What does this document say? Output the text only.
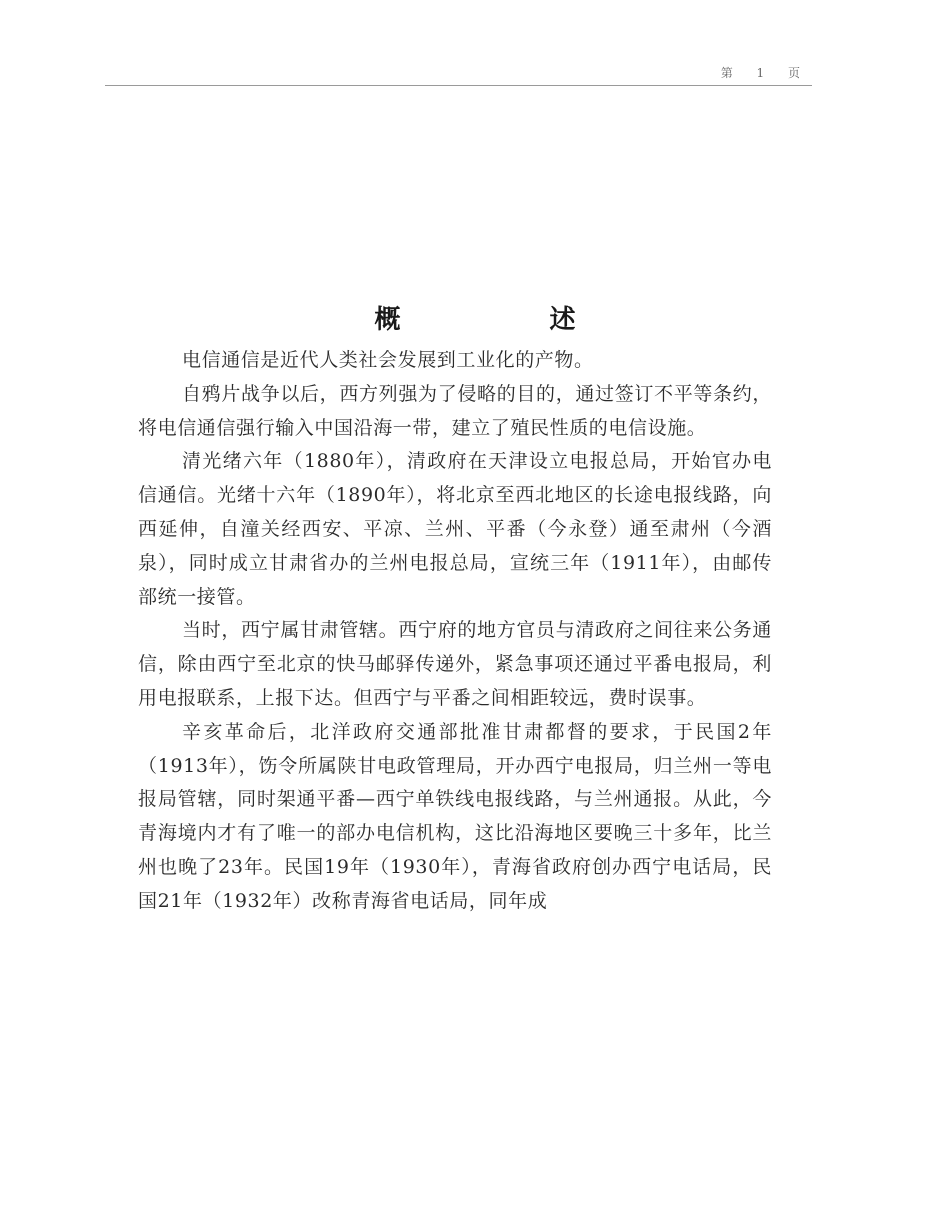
第 1 页
概 述

电信通信是近代人类社会发展到工业化的产物。

自鸦片战争以后，西方列强为了侵略的目的，通过签订不平等条约，将电信通信强行输入中国沿海一带，建立了殖民性质的电信设施。

清光绪六年（1880年），清政府在天津设立电报总局，开始官办电信通信。光绪十六年（1890年），将北京至西北地区的长途电报线路，向西延伸，自潼关经西安、平凉、兰州、平番（今永登）通至肃州（今酒泉），同时成立甘肃省办的兰州电报总局，宣统三年（1911年），由邮传部统一接管。

当时，西宁属甘肃管辖。西宁府的地方官员与清政府之间往来公务通信，除由西宁至北京的快马邮驿传递外，紧急事项还通过平番电报局，利用电报联系，上报下达。但西宁与平番之间相距较远，费时误事。

辛亥革命后，北洋政府交通部批准甘肃都督的要求，于民国2年（1913年），饬令所属陕甘电政管理局，开办西宁电报局，归兰州一等电报局管辖，同时架通平番—西宁单铁线电报线路，与兰州通报。从此，今青海境内才有了唯一的部办电信机构，这比沿海地区要晚三十多年，比兰州也晚了23年。民国19年（1930年），青海省政府创办西宁电话局，民国21年（1932年）改称青海省电话局，同年成
